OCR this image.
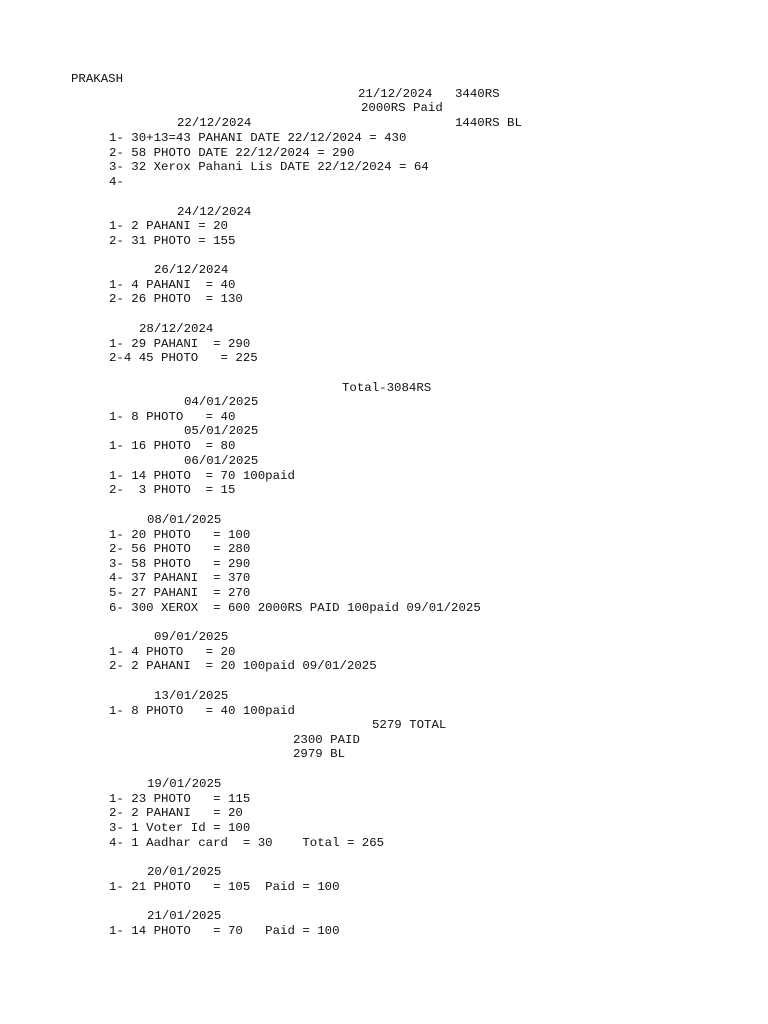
PRAKASH
21/12/2024 3440RS
2000RS Paid
1440RS BL
22/12/2024
1- 30+13=43 PAHANI DATE 22/12/2024 = 430
2- 58 PHOTO DATE 22/12/2024 = 290
3- 32 Xerox Pahani Lis DATE 22/12/2024 = 64
4-
24/12/2024
1- 2 PAHANI = 20
2- 31 PHOTO = 155
26/12/2024
1- 4 PAHANI  = 40
2- 26 PHOTO  = 130
28/12/2024
1- 29 PAHANI  = 290
2-4 45 PHOTO   = 225
Total-3084RS
04/01/2025
1- 8 PHOTO   = 40
05/01/2025
1- 16 PHOTO  = 80
06/01/2025
1- 14 PHOTO  = 70 100paid
2-  3 PHOTO  = 15
08/01/2025
1- 20 PHOTO   = 100
2- 56 PHOTO   = 280
3- 58 PHOTO   = 290
4- 37 PAHANI  = 370
5- 27 PAHANI  = 270
6- 300 XEROX  = 600 2000RS PAID 100paid 09/01/2025
09/01/2025
1- 4 PHOTO   = 20
2- 2 PAHANI  = 20 100paid 09/01/2025
13/01/2025
1- 8 PHOTO   = 40 100paid
5279 TOTAL
2300 PAID
2979 BL
19/01/2025
1- 23 PHOTO   = 115
2- 2 PAHANI   = 20
3- 1 Voter Id = 100
4- 1 Aadhar card  = 30    Total = 265
20/01/2025
1- 21 PHOTO   = 105  Paid = 100
21/01/2025
1- 14 PHOTO   = 70   Paid = 100
